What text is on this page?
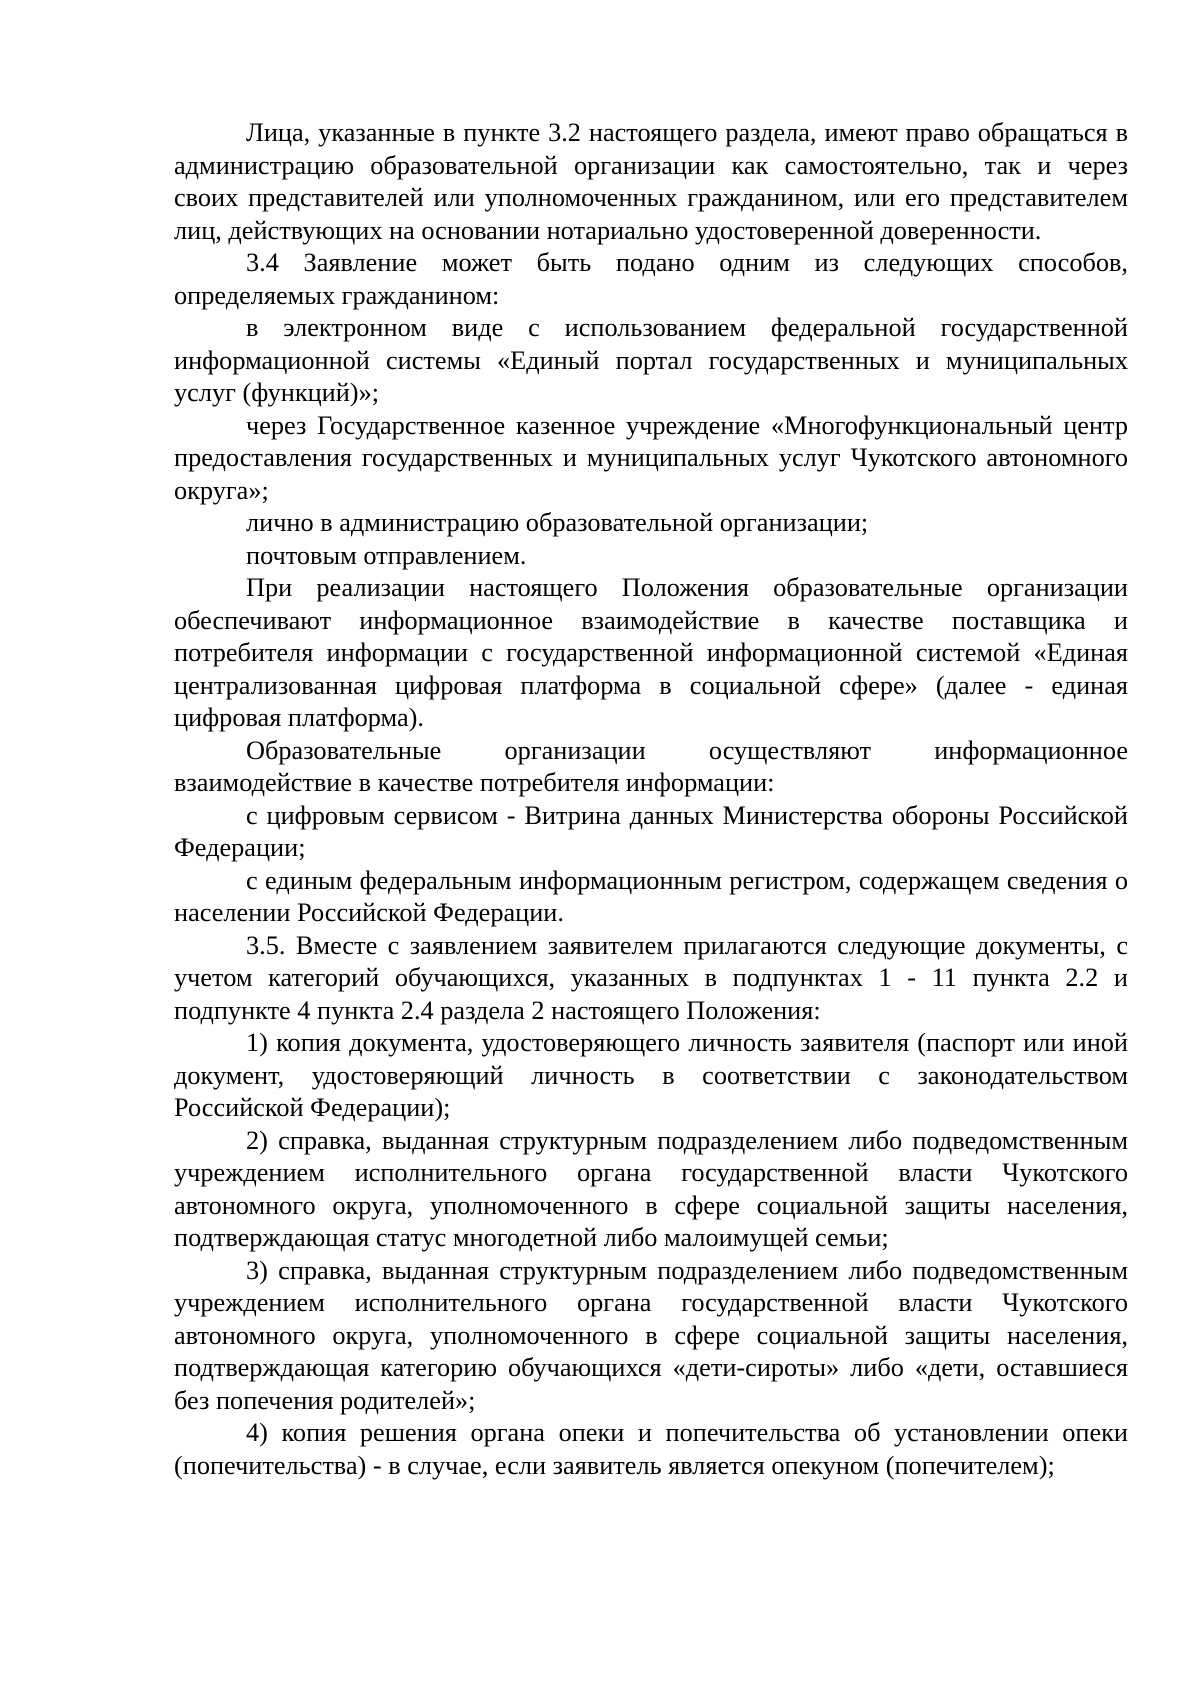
Лица, указанные в пункте 3.2 настоящего раздела, имеют право обращаться в администрацию образовательной организации как самостоятельно, так и через своих представителей или уполномоченных гражданином, или его представителем лиц, действующих на основании нотариально удостоверенной доверенности.

3.4 Заявление может быть подано одним из следующих способов, определяемых гражданином:

в электронном виде с использованием федеральной государственной информационной системы «Единый портал государственных и муниципальных услуг (функций)»;

через Государственное казенное учреждение «Многофункциональный центр предоставления государственных и муниципальных услуг Чукотского автономного округа»;

лично в администрацию образовательной организации;

почтовым отправлением.

При реализации настоящего Положения образовательные организации обеспечивают информационное взаимодействие в качестве поставщика и потребителя информации с государственной информационной системой «Единая централизованная цифровая платформа в социальной сфере» (далее - единая цифровая платформа).

Образовательные организации осуществляют информационное взаимодействие в качестве потребителя информации:

с цифровым сервисом - Витрина данных Министерства обороны Российской Федерации;

с единым федеральным информационным регистром, содержащем сведения о населении Российской Федерации.

3.5. Вместе с заявлением заявителем прилагаются следующие документы, с учетом категорий обучающихся, указанных в подпунктах 1 - 11 пункта 2.2 и подпункте 4 пункта 2.4 раздела 2 настоящего Положения:

1) копия документа, удостоверяющего личность заявителя (паспорт или иной документ, удостоверяющий личность в соответствии с законодательством Российской Федерации);

2) справка, выданная структурным подразделением либо подведомственным учреждением исполнительного органа государственной власти Чукотского автономного округа, уполномоченного в сфере социальной защиты населения, подтверждающая статус многодетной либо малоимущей семьи;

3) справка, выданная структурным подразделением либо подведомственным учреждением исполнительного органа государственной власти Чукотского автономного округа, уполномоченного в сфере социальной защиты населения, подтверждающая категорию обучающихся «дети-сироты» либо «дети, оставшиеся без попечения родителей»;

4) копия решения органа опеки и попечительства об установлении опеки (попечительства) - в случае, если заявитель является опекуном (попечителем);
